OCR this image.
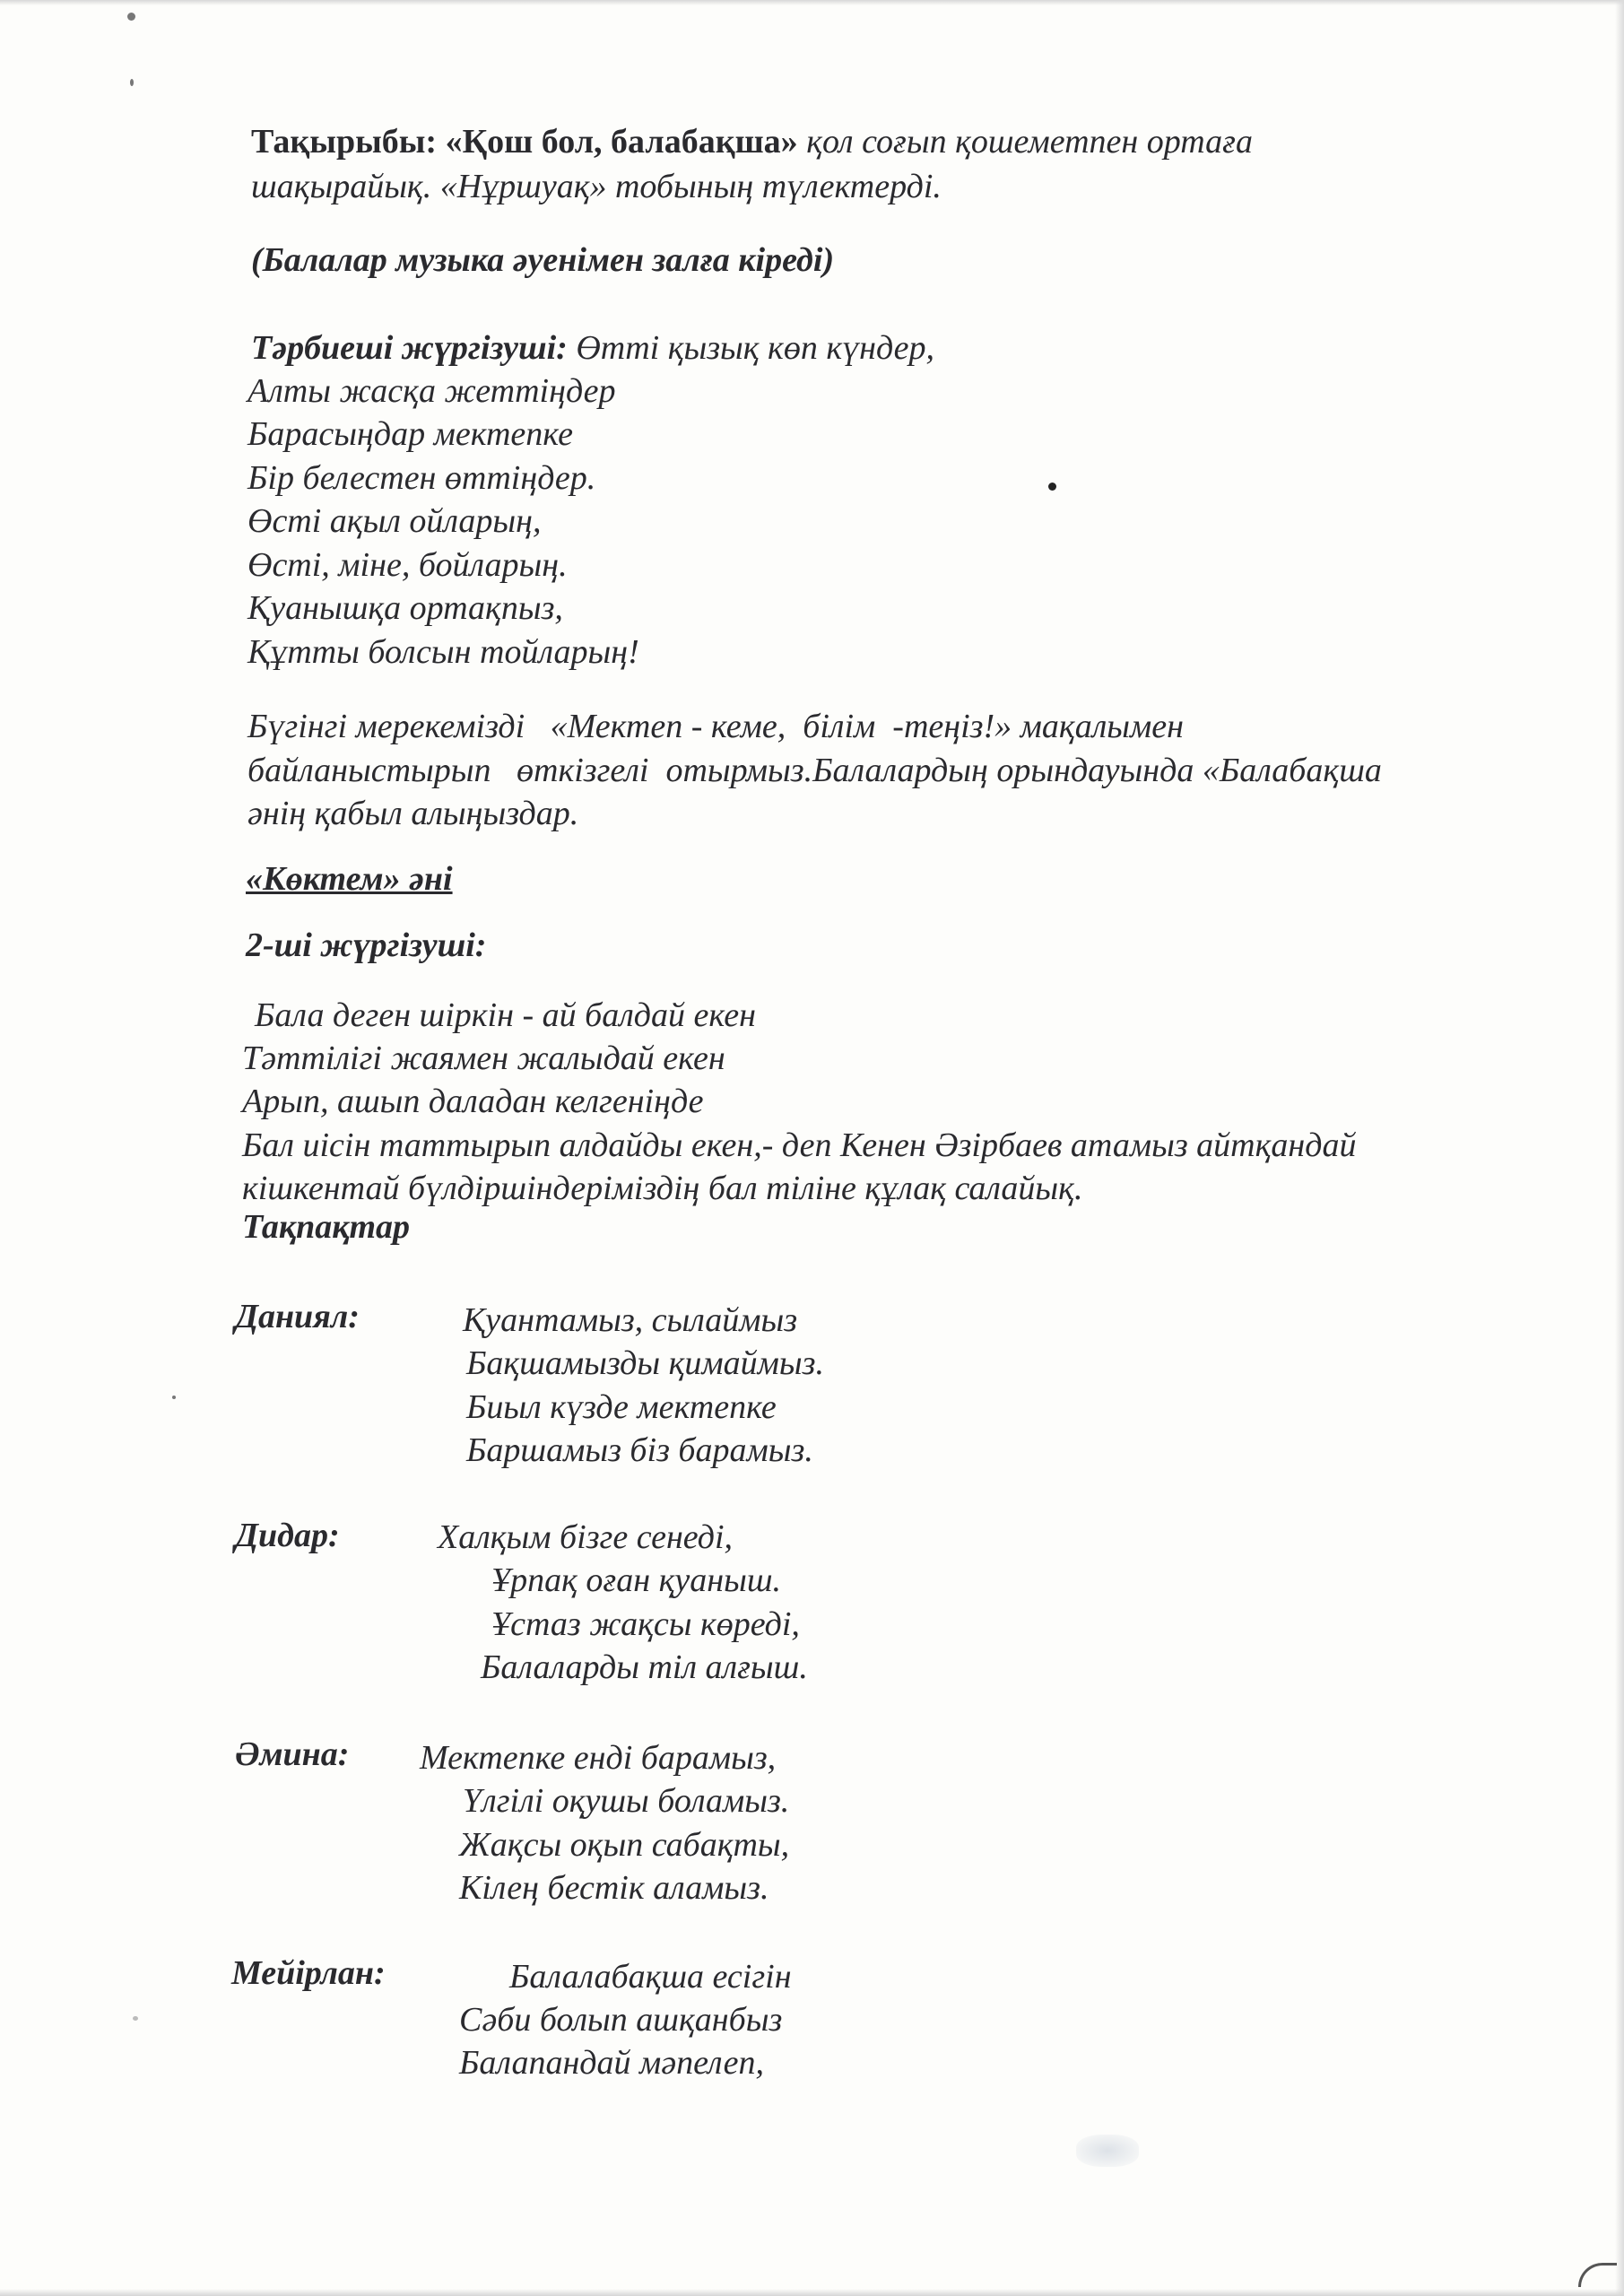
Тақырыбы: «Қош бол, балабақша» қол соғып қошеметпен ортаға
шақырайық. «Нұршуақ» тобының түлектерді.
(Балалар музыка әуенімен залға кіреді)
Тәрбиеші жүргізуші: Өтті қызық көп күндер,
Алты жасқа жеттіңдер
Барасыңдар мектепке
Бір белестен өттіңдер.
Өсті ақыл ойларың,
Өсті, міне, бойларың.
Қуанышқа ортақпыз,
Құтты болсын тойларың!
Бүгінгі мерекемізді   «Мектеп - кеме,  білім  -теңіз!» мақалымен
байланыстырып   өткізгелі  отырмыз.Балалардың орындауында «Балабақша
әнің қабыл алыңыздар.
«Көктем» әні
2-ші жүргізуші:
Бала деген шіркін - ай балдай екен
Тәттілігі жаямен жалыдай екен
Арып, ашып даладан келгеніңде
Бал иісін таттырып алдайды екен,- деп Кенен Әзірбаев атамыз айтқандай
кішкентай бүлдіршіндеріміздің бал тіліне құлақ салайық.
Тақпақтар
Даниял:	Қуантамыз, сылаймыз
Бақшамызды қимаймыз.
Биыл күзде мектепке
Баршамыз біз барамыз.
Дидар:	Халқым бізге сенеді,
Ұрпақ оған қуаныш.
Ұстаз жақсы көреді,
Балаларды тіл алғыш.
Әмина: Мектепке енді барамыз,
Үлгілі оқушы боламыз.
Жақсы оқып сабақты,
Кілең бестік аламыз.
Мейірлан:	Балалабақша есігін
Сәби болып ашқанбыз
Балапандай мәпелеп,
